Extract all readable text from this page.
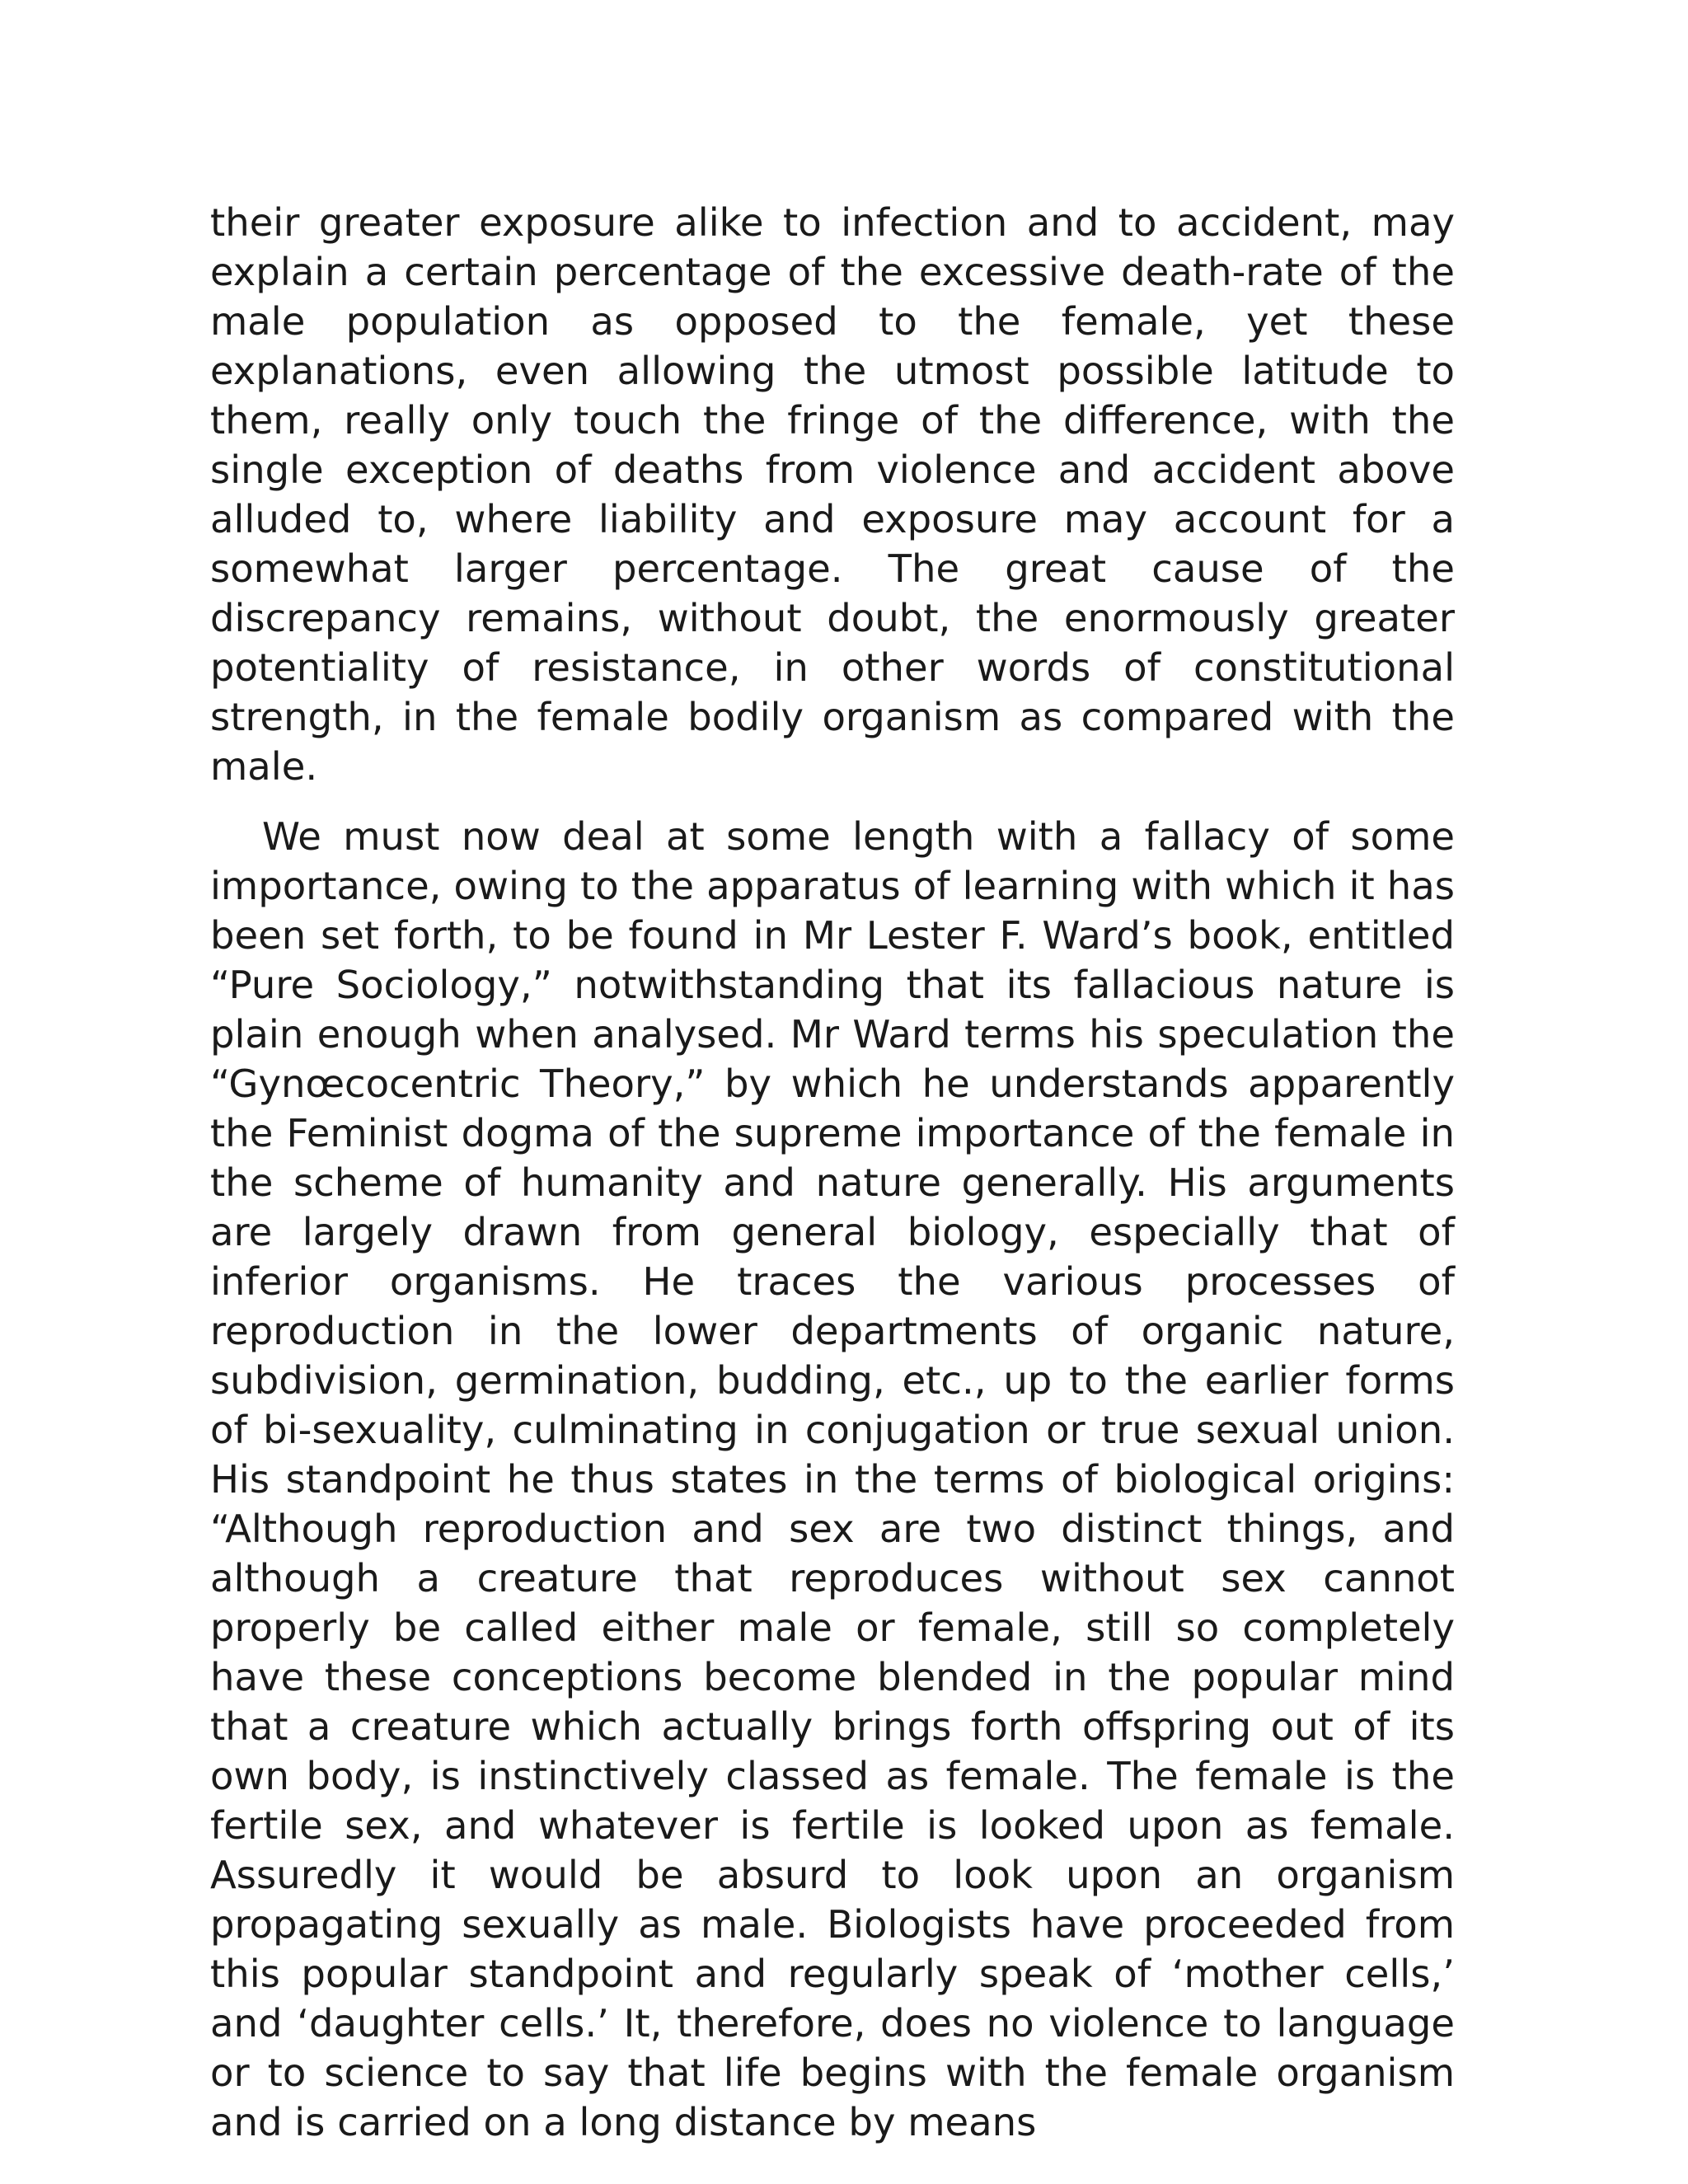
their greater exposure alike to infection and to accident, may explain a certain percentage of the excessive death-rate of the male population as opposed to the female, yet these explanations, even allowing the utmost possible latitude to them, really only touch the fringe of the difference, with the single exception of deaths from violence and accident above alluded to, where liability and exposure may account for a somewhat larger percentage. The great cause of the discrepancy remains, without doubt, the enormously greater potentiality of resistance, in other words of constitutional strength, in the female bodily organism as compared with the male.

We must now deal at some length with a fallacy of some importance, owing to the apparatus of learning with which it has been set forth, to be found in Mr Lester F. Ward’s book, entitled “Pure Sociology,” notwithstanding that its fallacious nature is plain enough when analysed. Mr Ward terms his speculation the “Gynœcocentric Theory,” by which he understands apparently the Feminist dogma of the supreme importance of the female in the scheme of humanity and nature generally. His arguments are largely drawn from general biology, especially that of inferior organisms. He traces the various processes of reproduction in the lower departments of organic nature, subdivision, germination, budding, etc., up to the earlier forms of bi-sexuality, culminating in conjugation or true sexual union. His standpoint he thus states in the terms of biological origins: “Although reproduction and sex are two distinct things, and although a creature that reproduces without sex cannot properly be called either male or female, still so completely have these conceptions become blended in the popular mind that a creature which actually brings forth offspring out of its own body, is instinctively classed as female. The female is the fertile sex, and whatever is fertile is looked upon as female. Assuredly it would be absurd to look upon an organism propagating sexually as male. Biologists have proceeded from this popular standpoint and regularly speak of ‘mother cells,’ and ‘daughter cells.’ It, therefore, does no violence to language or to science to say that life begins with the female organism and is carried on a long distance by means
